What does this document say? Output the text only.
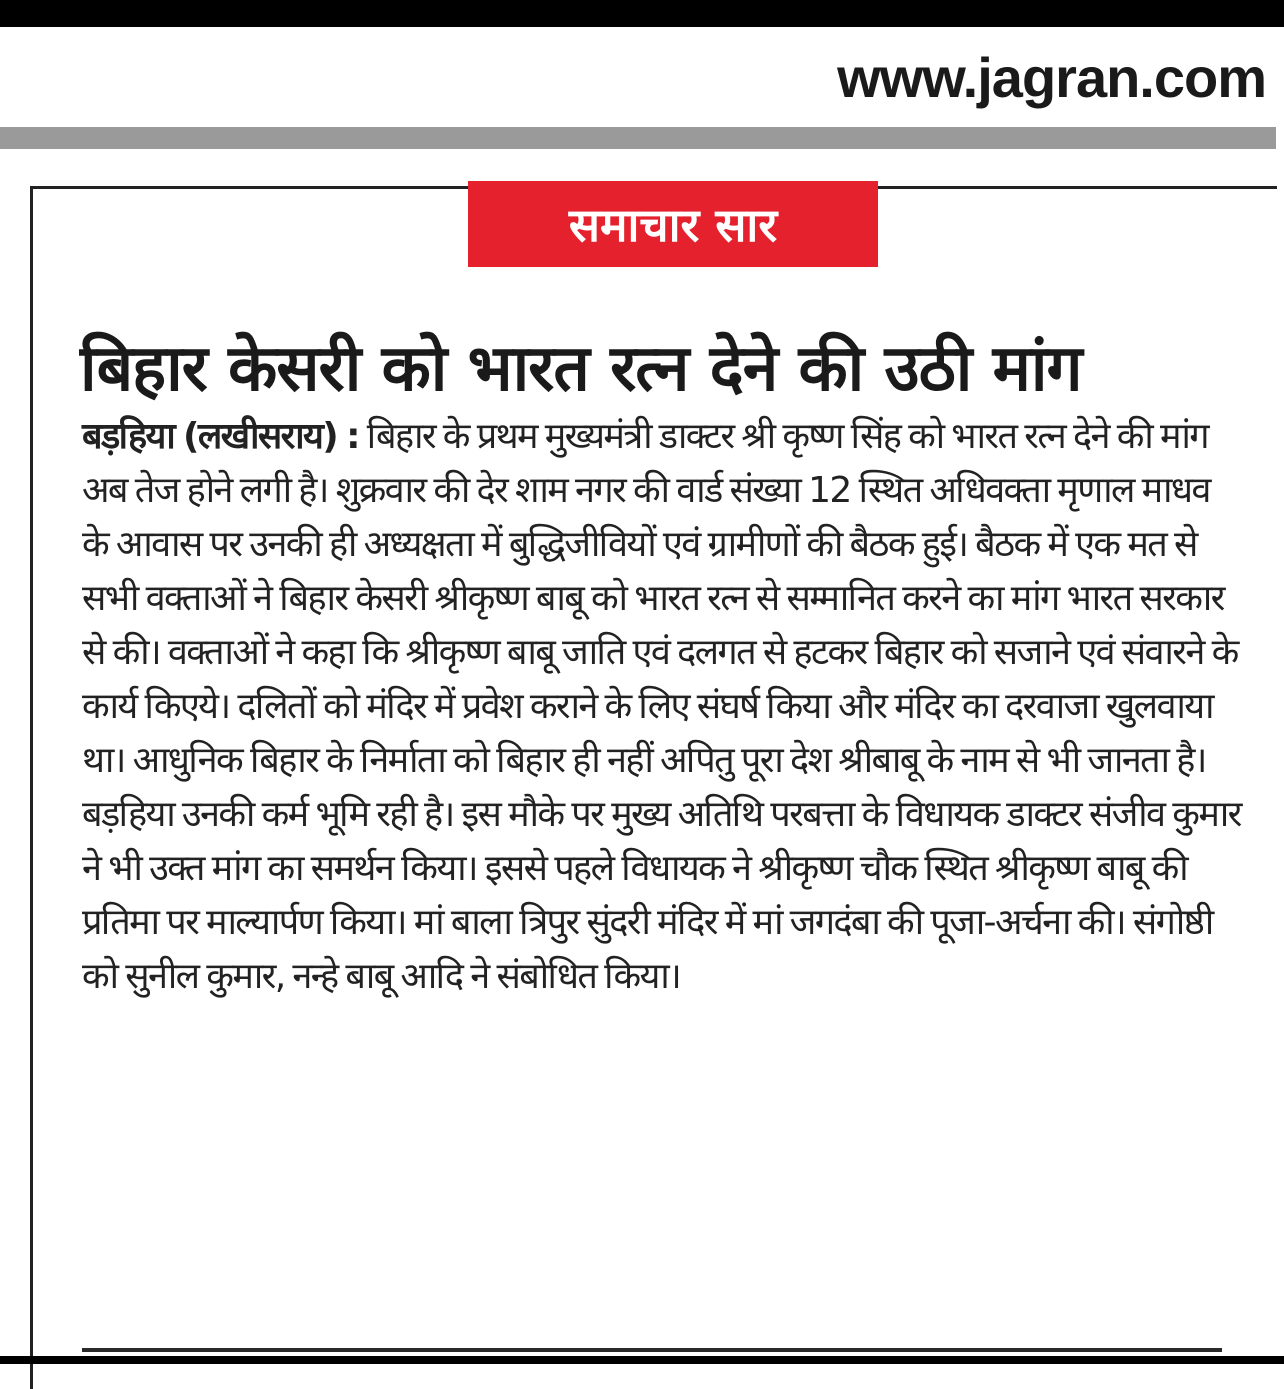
www.jagran.com
समाचार सार
बिहार केसरी को भारत रत्न देने की उठी मांग

बड़हिया (लखीसराय) : बिहार के प्रथम मुख्यमंत्री डाक्टर श्री कृष्ण सिंह को भारत रत्न देने की मांग अब तेज होने लगी है। शुक्रवार की देर शाम नगर की वार्ड संख्या 12 स्थित अधिवक्ता मृणाल माधव के आवास पर उनकी ही अध्यक्षता में बुद्धिजीवियों एवं ग्रामीणों की बैठक हुई। बैठक में एक मत से सभी वक्ताओं ने बिहार केसरी श्रीकृष्ण बाबू को भारत रत्न से सम्मानित करने का मांग भारत सरकार से की। वक्ताओं ने कहा कि श्रीकृष्ण बाबू जाति एवं दलगत से हटकर बिहार को सजाने एवं संवारने के कार्य किएये। दलितों को मंदिर में प्रवेश कराने के लिए संघर्ष किया और मंदिर का दरवाजा खुलवाया था। आधुनिक बिहार के निर्माता को बिहार ही नहीं अपितु पूरा देश श्रीबाबू के नाम से भी जानता है। बड़हिया उनकी कर्म भूमि रही है। इस मौके पर मुख्य अतिथि परबत्ता के विधायक डाक्टर संजीव कुमार ने भी उक्त मांग का समर्थन किया। इससे पहले विधायक ने श्रीकृष्ण चौक स्थित श्रीकृष्ण बाबू की प्रतिमा पर माल्यार्पण किया। मां बाला त्रिपुर सुंदरी मंदिर में मां जगदंबा की पूजा-अर्चना की। संगोष्ठी को सुनील कुमार, नन्हे बाबू आदि ने संबोधित किया।
